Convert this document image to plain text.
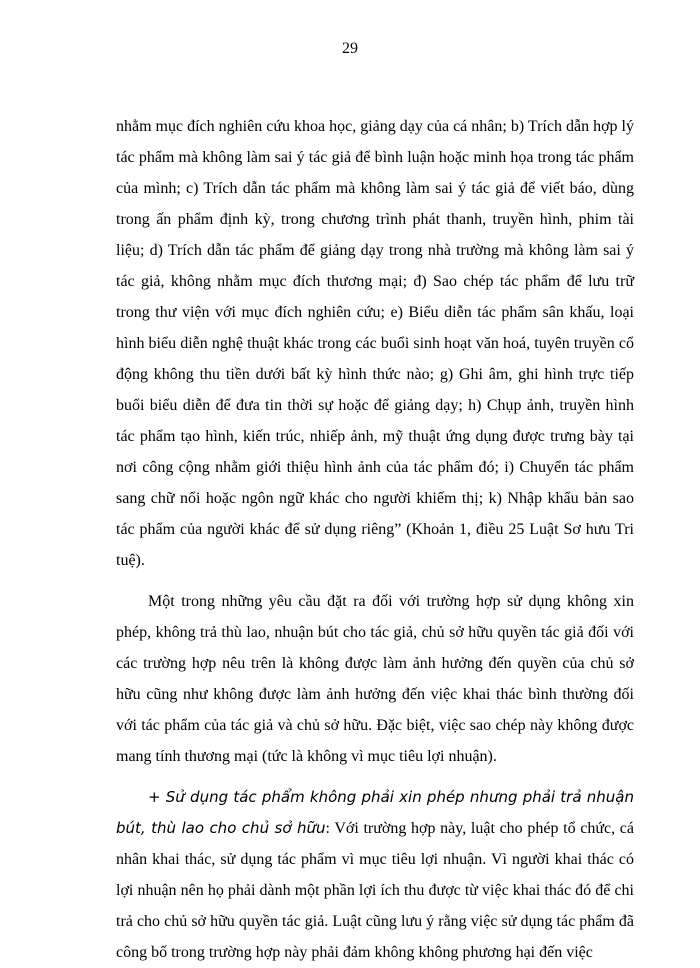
29

nhằm mục đích nghiên cứu khoa học, giảng dạy của cá nhân; b) Trích dẫn hợp lý tác phẩm mà không làm sai ý tác giả để bình luận hoặc minh họa trong tác phẩm của mình; c) Trích dẫn tác phẩm mà không làm sai ý tác giả để viết báo, dùng trong ấn phẩm định kỳ, trong chương trình phát thanh, truyền hình, phim tài liệu; d) Trích dẫn tác phẩm để giảng dạy trong nhà trường mà không làm sai ý tác giả, không nhằm mục đích thương mại; đ) Sao chép tác phẩm để lưu trữ trong thư viện với mục đích nghiên cứu; e) Biểu diễn tác phẩm sân khấu, loại hình biểu diễn nghệ thuật khác trong các buổi sinh hoạt văn hoá, tuyên truyền cổ động không thu tiền dưới bất kỳ hình thức nào; g) Ghi âm, ghi hình trực tiếp buổi biểu diễn để đưa tin thời sự hoặc để giảng dạy; h) Chụp ảnh, truyền hình tác phẩm tạo hình, kiến trúc, nhiếp ảnh, mỹ thuật ứng dụng được trưng bày tại nơi công cộng nhằm giới thiệu hình ảnh của tác phẩm đó; i) Chuyển tác phẩm sang chữ nổi hoặc ngôn ngữ khác cho người khiếm thị; k) Nhập khẩu bản sao tác phẩm của người khác để sử dụng riêng” (Khoản 1, điều 25 Luật Sơ hưu Tri tuệ).

Một trong những yêu cầu đặt ra đối với trường hợp sử dụng không xin phép, không trả thù lao, nhuận bút cho tác giả, chủ sở hữu quyền tác giả đối với các trường hợp nêu trên là không được làm ảnh hưởng đến quyền của chủ sở hữu cũng như không được làm ảnh hưởng đến việc khai thác bình thường đối với tác phẩm của tác giả và chủ sở hữu. Đặc biệt, việc sao chép này không được mang tính thương mại (tức là không vì mục tiêu lợi nhuận).

+ Sử dụng tác phẩm không phải xin phép nhưng phải trả nhuận bút, thù lao cho chủ sở hữu: Với trường hợp này, luật cho phép tổ chức, cá nhân khai thác, sử dụng tác phẩm vì mục tiêu lợi nhuận. Vì người khai thác có lợi nhuận nên họ phải dành một phần lợi ích thu được từ việc khai thác đó để chi trả cho chủ sở hữu quyền tác giả. Luật cũng lưu ý rằng việc sử dụng tác phẩm đã công bố trong trường hợp này phải đảm không không phương hại đến việc
